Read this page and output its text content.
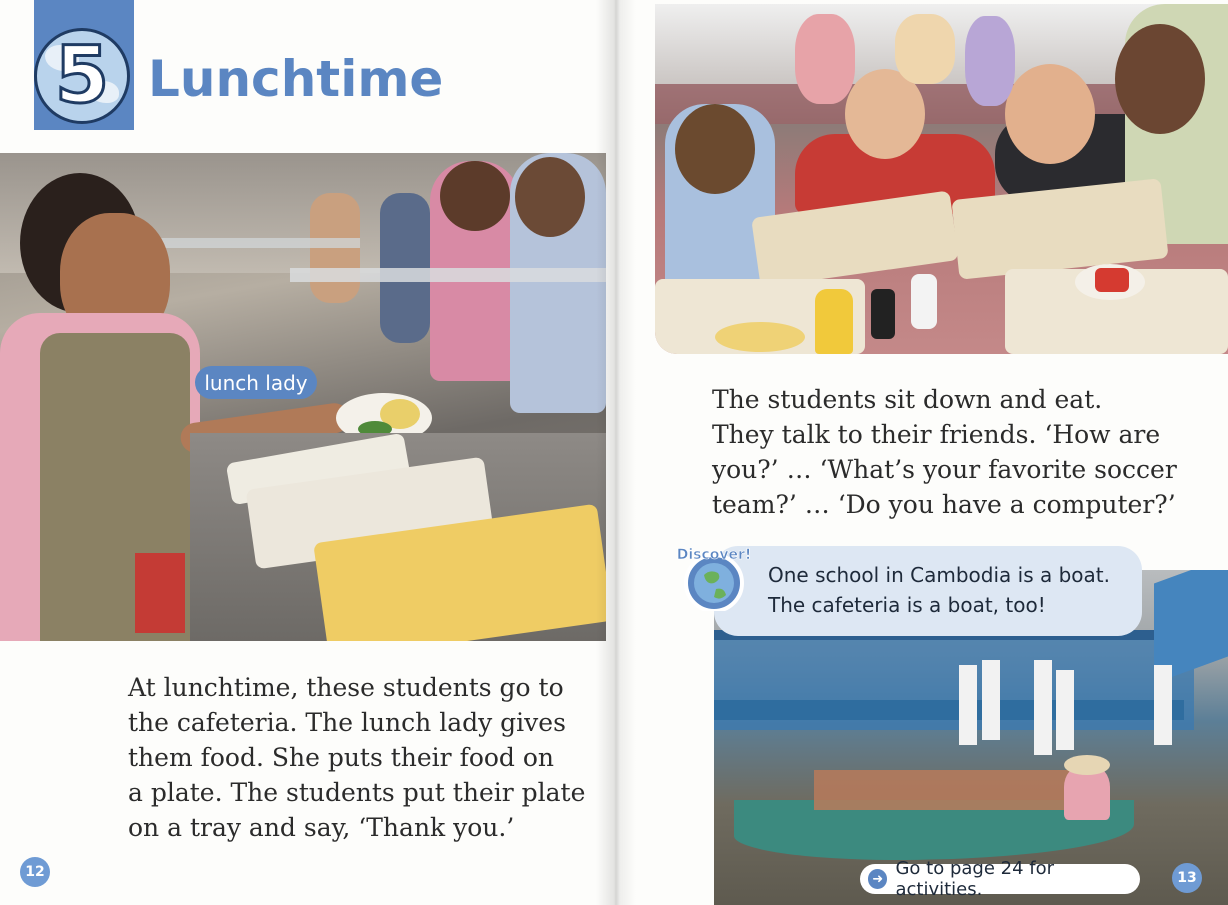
5 Lunchtime
lunch lady
At lunchtime, these students go to
the cafeteria. The lunch lady gives
them food. She puts their food on
a plate. The students put their plate
on a tray and say, ‘Thank you.’
12
The students sit down and eat.
They talk to their friends. ‘How are
you?’ … ‘What’s your favorite soccer
team?’ … ‘Do you have a computer?’
Discover!
One school in Cambodia is a boat.
The cafeteria is a boat, too!
➜ Go to page 24 for activities.
13
